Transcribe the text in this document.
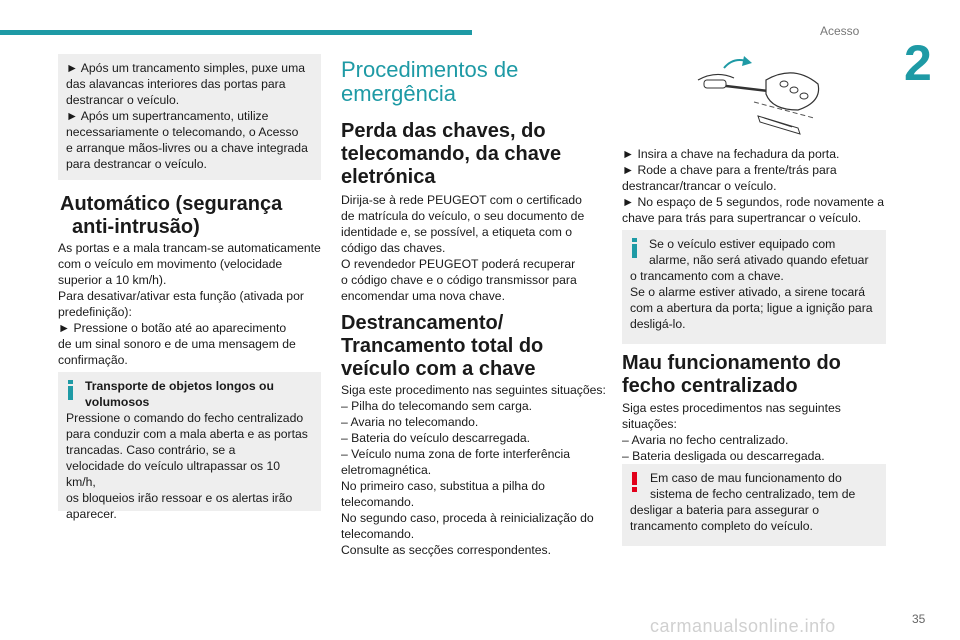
Acesso
2

► Após um trancamento simples, puxe uma

das alavancas interiores das portas para

destrancar o veículo.

► Após um supertrancamento, utilize

necessariamente o telecomando, o Acesso

e arranque mãos-livres ou a chave integrada

para destrancar o veículo.

Automático (segurança

anti-intrusão)

As portas e a mala trancam-se automaticamente

com o veículo em movimento (velocidade

superior a 10 km/h).

Para desativar/ativar esta função (ativada por

predefinição):

► Pressione o botão até ao aparecimento

de um sinal sonoro e de uma mensagem de

confirmação.

Transporte de objetos longos ou

volumosos

Pressione o comando do fecho centralizado

para conduzir com a mala aberta e as portas

trancadas. Caso contrário, se a

velocidade do veículo ultrapassar os 10 km/h,

os bloqueios irão ressoar e os alertas irão

aparecer.

Procedimentos de

emergência

Perda das chaves, do

telecomando, da chave

eletrónica

Dirija-se à rede PEUGEOT com o certificado

de matrícula do veículo, o seu documento de

identidade e, se possível, a etiqueta com o

código das chaves.

O revendedor PEUGEOT poderá recuperar

o código chave e o código transmissor para

encomendar uma nova chave.

Destrancamento/

Trancamento total do

veículo com a chave

Siga este procedimento nas seguintes situações:

– Pilha do telecomando sem carga.

– Avaria no telecomando.

– Bateria do veículo descarregada.

– Veículo numa zona de forte interferência

eletromagnética.

No primeiro caso, substitua a pilha do

telecomando.

No segundo caso, proceda à reinicialização do

telecomando.

Consulte as secções correspondentes.

► Insira a chave na fechadura da porta.

► Rode a chave para a frente/trás para

destrancar/trancar o veículo.

► No espaço de 5 segundos, rode novamente a

chave para trás para supertrancar o veículo.

Se o veículo estiver equipado com

alarme, não será ativado quando efetuar

o trancamento com a chave.

Se o alarme estiver ativado, a sirene tocará

com a abertura da porta; ligue a ignição para

desligá-lo.

Mau funcionamento do

fecho centralizado

Siga estes procedimentos nas seguintes

situações:

– Avaria no fecho centralizado.

– Bateria desligada ou descarregada.

Em caso de mau funcionamento do

sistema de fecho centralizado, tem de

desligar a bateria para assegurar o

trancamento completo do veículo.

carmanualsonline.info	35
